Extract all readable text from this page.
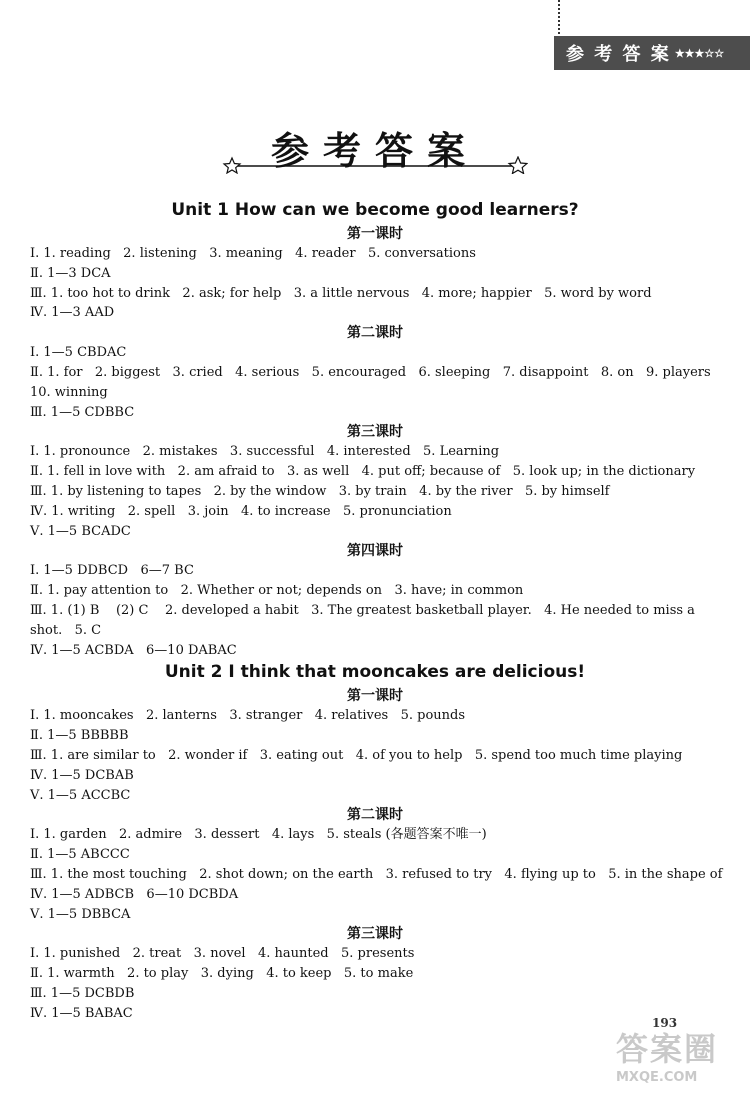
参 考 答 案 ★★★☆☆
参考答案
Unit 1 How can we become good learners?
第一课时
Ⅰ. 1. reading   2. listening   3. meaning   4. reader   5. conversations
Ⅱ. 1—3 DCA
Ⅲ. 1. too hot to drink   2. ask; for help   3. a little nervous   4. more; happier   5. word by word
Ⅳ. 1—3 AAD
第二课时
Ⅰ. 1—5 CBDAC
Ⅱ. 1. for   2. biggest   3. cried   4. serious   5. encouraged   6. sleeping   7. disappoint   8. on   9. players
10. winning
Ⅲ. 1—5 CDBBC
第三课时
Ⅰ. 1. pronounce   2. mistakes   3. successful   4. interested   5. Learning
Ⅱ. 1. fell in love with   2. am afraid to   3. as well   4. put off; because of   5. look up; in the dictionary
Ⅲ. 1. by listening to tapes   2. by the window   3. by train   4. by the river   5. by himself
Ⅳ. 1. writing   2. spell   3. join   4. to increase   5. pronunciation
Ⅴ. 1—5 BCADC
第四课时
Ⅰ. 1—5 DDBCD   6—7 BC
Ⅱ. 1. pay attention to   2. Whether or not; depends on   3. have; in common
Ⅲ. 1. (1) B    (2) C    2. developed a habit   3. The greatest basketball player.   4. He needed to miss a
shot.   5. C
Ⅳ. 1—5 ACBDA   6—10 DABAC
Unit 2 I think that mooncakes are delicious!
第一课时
Ⅰ. 1. mooncakes   2. lanterns   3. stranger   4. relatives   5. pounds
Ⅱ. 1—5 BBBBB
Ⅲ. 1. are similar to   2. wonder if   3. eating out   4. of you to help   5. spend too much time playing
Ⅳ. 1—5 DCBAB
Ⅴ. 1—5 ACCBC
第二课时
Ⅰ. 1. garden   2. admire   3. dessert   4. lays   5. steals (各题答案不唯一)
Ⅱ. 1—5 ABCCC
Ⅲ. 1. the most touching   2. shot down; on the earth   3. refused to try   4. flying up to   5. in the shape of
Ⅳ. 1—5 ADBCB   6—10 DCBDA
Ⅴ. 1—5 DBBCA
第三课时
Ⅰ. 1. punished   2. treat   3. novel   4. haunted   5. presents
Ⅱ. 1. warmth   2. to play   3. dying   4. to keep   5. to make
Ⅲ. 1—5 DCBDB
Ⅳ. 1—5 BABAC
193
答案圈
MXQE.COM
